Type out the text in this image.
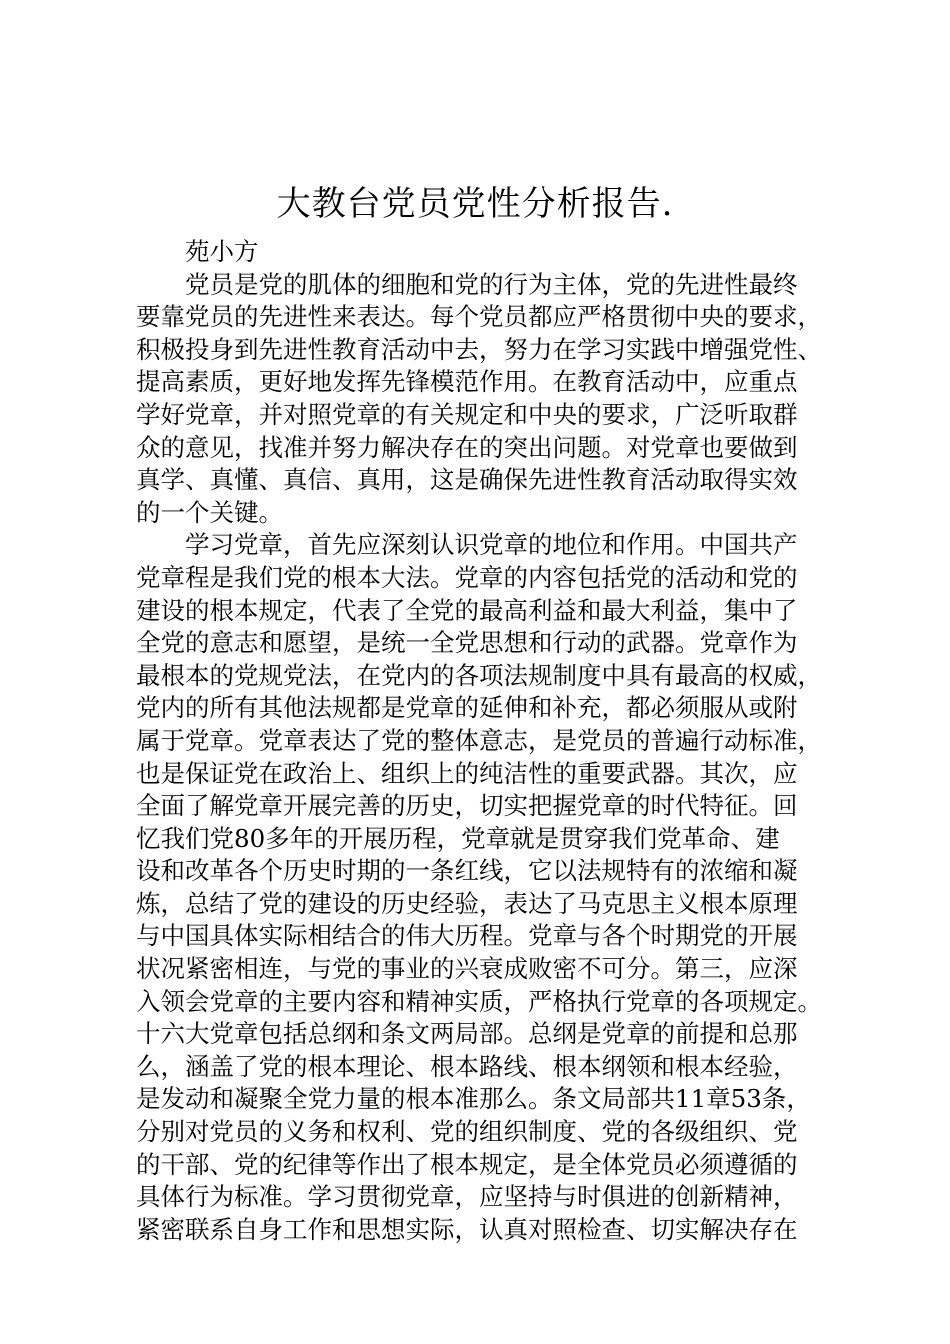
大教台党员党性分析报告.
苑小方
党员是党的肌体的细胞和党的行为主体，党的先进性最终
要靠党员的先进性来表达。每个党员都应严格贯彻中央的要求，
积极投身到先进性教育活动中去，努力在学习实践中增强党性、
提高素质，更好地发挥先锋模范作用。在教育活动中，应重点
学好党章，并对照党章的有关规定和中央的要求，广泛听取群
众的意见，找准并努力解决存在的突出问题。对党章也要做到
真学、真懂、真信、真用，这是确保先进性教育活动取得实效
的一个关键。
学习党章，首先应深刻认识党章的地位和作用。中国共产
党章程是我们党的根本大法。党章的内容包括党的活动和党的
建设的根本规定，代表了全党的最高利益和最大利益，集中了
全党的意志和愿望，是统一全党思想和行动的武器。党章作为
最根本的党规党法，在党内的各项法规制度中具有最高的权威，
党内的所有其他法规都是党章的延伸和补充，都必须服从或附
属于党章。党章表达了党的整体意志，是党员的普遍行动标准，
也是保证党在政治上、组织上的纯洁性的重要武器。其次，应
全面了解党章开展完善的历史，切实把握党章的时代特征。回
忆我们党80多年的开展历程，党章就是贯穿我们党革命、建
设和改革各个历史时期的一条红线，它以法规特有的浓缩和凝
炼，总结了党的建设的历史经验，表达了马克思主义根本原理
与中国具体实际相结合的伟大历程。党章与各个时期党的开展
状况紧密相连，与党的事业的兴衰成败密不可分。第三，应深
入领会党章的主要内容和精神实质，严格执行党章的各项规定。
十六大党章包括总纲和条文两局部。总纲是党章的前提和总那
么，涵盖了党的根本理论、根本路线、根本纲领和根本经验，
是发动和凝聚全党力量的根本准那么。条文局部共11章53条，
分别对党员的义务和权利、党的组织制度、党的各级组织、党
的干部、党的纪律等作出了根本规定，是全体党员必须遵循的
具体行为标准。学习贯彻党章，应坚持与时俱进的创新精神，
紧密联系自身工作和思想实际，认真对照检查、切实解决存在
